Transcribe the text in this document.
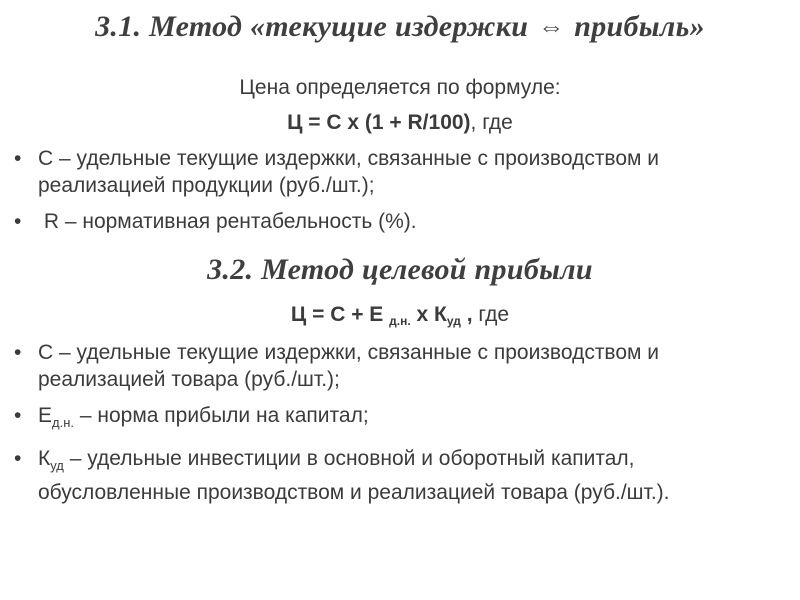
3.1. Метод «текущие издержки ⇔ прибыль»
Цена определяется по формуле:
Ц = С х (1 + R/100), где
• С – удельные текущие издержки, связанные с производством и реализацией продукции (руб./шт.);
• R – нормативная рентабельность (%).
3.2. Метод целевой прибыли
Ц = С + Е $_{д.н.}$ х $К_{уд}$ , где
• С – удельные текущие издержки, связанные с производством и реализацией товара (руб./шт.);
• $Е_{д.н.}$ – норма прибыли на капитал;
• $К_{уд}$ – удельные инвестиции в основной и оборотный капитал, обусловленные производством и реализацией товара (руб./шт.).
